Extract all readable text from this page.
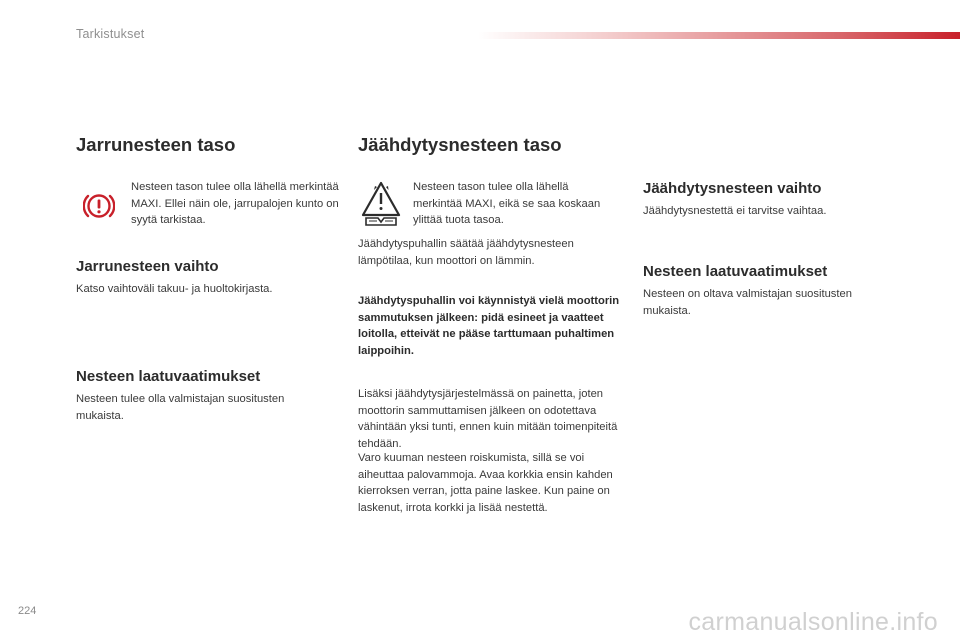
Tarkistukset
Jarrunesteen taso

Nesteen tason tulee olla lähellä merkintää MAXI. Ellei näin ole, jarrupalojen kunto on syytä tarkistaa.

Jarrunesteen vaihto

Katso vaihtoväli takuu- ja huoltokirjasta.

Nesteen laatuvaatimukset

Nesteen tulee olla valmistajan suositusten mukaista.

Jäähdytysnesteen taso

Nesteen tason tulee olla lähellä merkintää MAXI, eikä se saa koskaan ylittää tuota tasoa.

Jäähdytyspuhallin säätää jäähdytysnesteen lämpötilaa, kun moottori on lämmin.

Jäähdytyspuhallin voi käynnistyä vielä moottorin sammutuksen jälkeen: pidä esineet ja vaatteet loitolla, etteivät ne pääse tarttumaan puhaltimen laippoihin.

Lisäksi jäähdytysjärjestelmässä on painetta, joten moottorin sammuttamisen jälkeen on odotettava vähintään yksi tunti, ennen kuin mitään toimenpiteitä tehdään.

Varo kuuman nesteen roiskumista, sillä se voi aiheuttaa palovammoja. Avaa korkkia ensin kahden kierroksen verran, jotta paine laskee. Kun paine on laskenut, irrota korkki ja lisää nestettä.

Jäähdytysnesteen vaihto

Jäähdytysnestettä ei tarvitse vaihtaa.

Nesteen laatuvaatimukset

Nesteen on oltava valmistajan suositusten mukaista.

224	carmanualsonline.info
